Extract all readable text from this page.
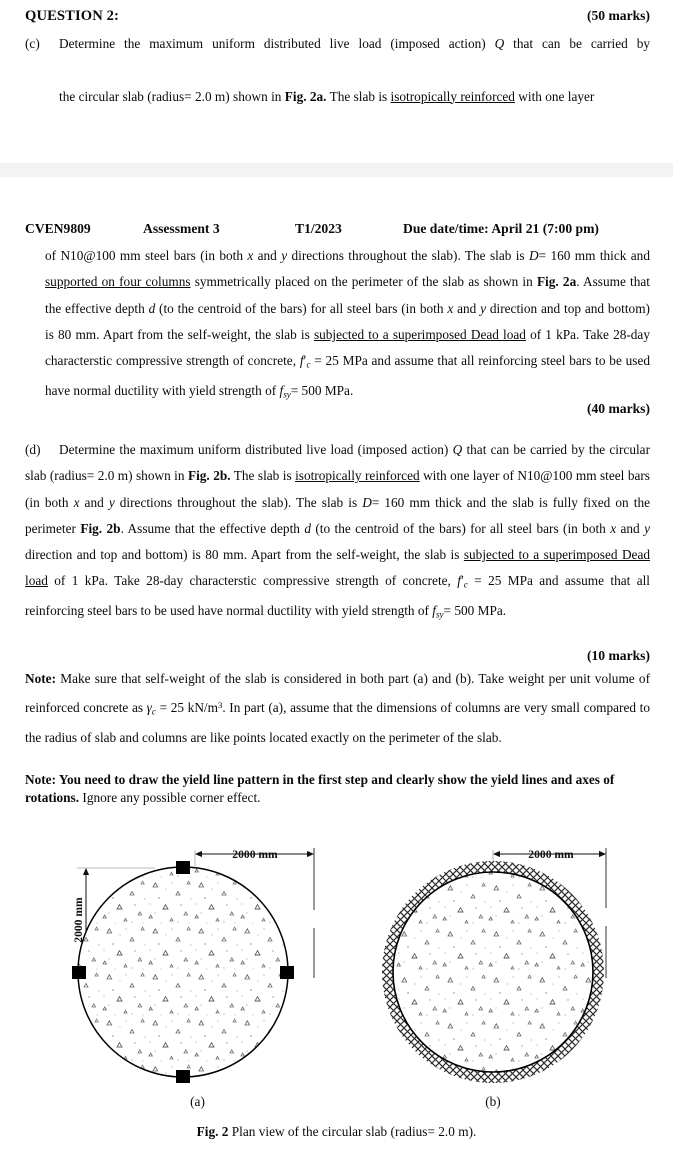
QUESTION 2:	(50 marks)
(c) Determine the maximum uniform distributed live load (imposed action) Q that can be carried by  the circular slab (radius= 2.0 m) shown in Fig. 2a. The slab is isotropically reinforced with one layer
CVEN9809	Assessment 3	T1/2023	Due date/time: April 21 (7:00 pm)
of N10@100 mm steel bars (in both x and y directions throughout the slab). The slab is D= 160 mm thick and supported on four columns symmetrically placed on the perimeter of the slab as shown in Fig. 2a. Assume that the effective depth d (to the centroid of the bars) for all steel bars (in both x and y direction and top and bottom) is 80 mm. Apart from the self-weight, the slab is subjected to a superimposed Dead load of 1 kPa. Take 28-day characterstic compressive strength of concrete, $f'_c = 25$ MPa and assume that all reinforcing steel bars to be used have normal ductility with yield strength of $f_{sy}= 500$ MPa.
(40 marks)
(d) Determine the maximum uniform distributed live load (imposed action) Q that can be carried by the circular slab (radius= 2.0 m) shown in Fig. 2b. The slab is isotropically reinforced with one layer of N10@100 mm steel bars (in both x and y directions throughout the slab). The slab is D= 160 mm thick and the slab is fully fixed on the perimeter Fig. 2b. Assume that the effective depth d (to the centroid of the bars) for all steel bars (in both x and y direction and top and bottom) is 80 mm. Apart from the self-weight, the slab is subjected to a superimposed Dead load of 1 kPa. Take 28-day characterstic compressive strength of concrete, $f'_c = 25$ MPa and assume that all reinforcing steel bars to be used have normal ductility with yield strength of $f_{sy}= 500$ MPa.
(10 marks)
Note: Make sure that self-weight of the slab is considered in both part (a) and (b). Take weight per unit volume of reinforced concrete as $\gamma_c = 25$ $kN/m^3$. In part (a), assume that the dimensions of columns are very small compared to the radius of slab and columns are like points located exactly on the perimeter of the slab.
Note: You need to draw the yield line pattern in the first step and clearly show the yield lines and axes of rotations. Ignore any possible corner effect.
2000 mm
2000 mm
(a)
2000 mm
(b)
Fig. 2 Plan view of the circular slab (radius= 2.0 m).
